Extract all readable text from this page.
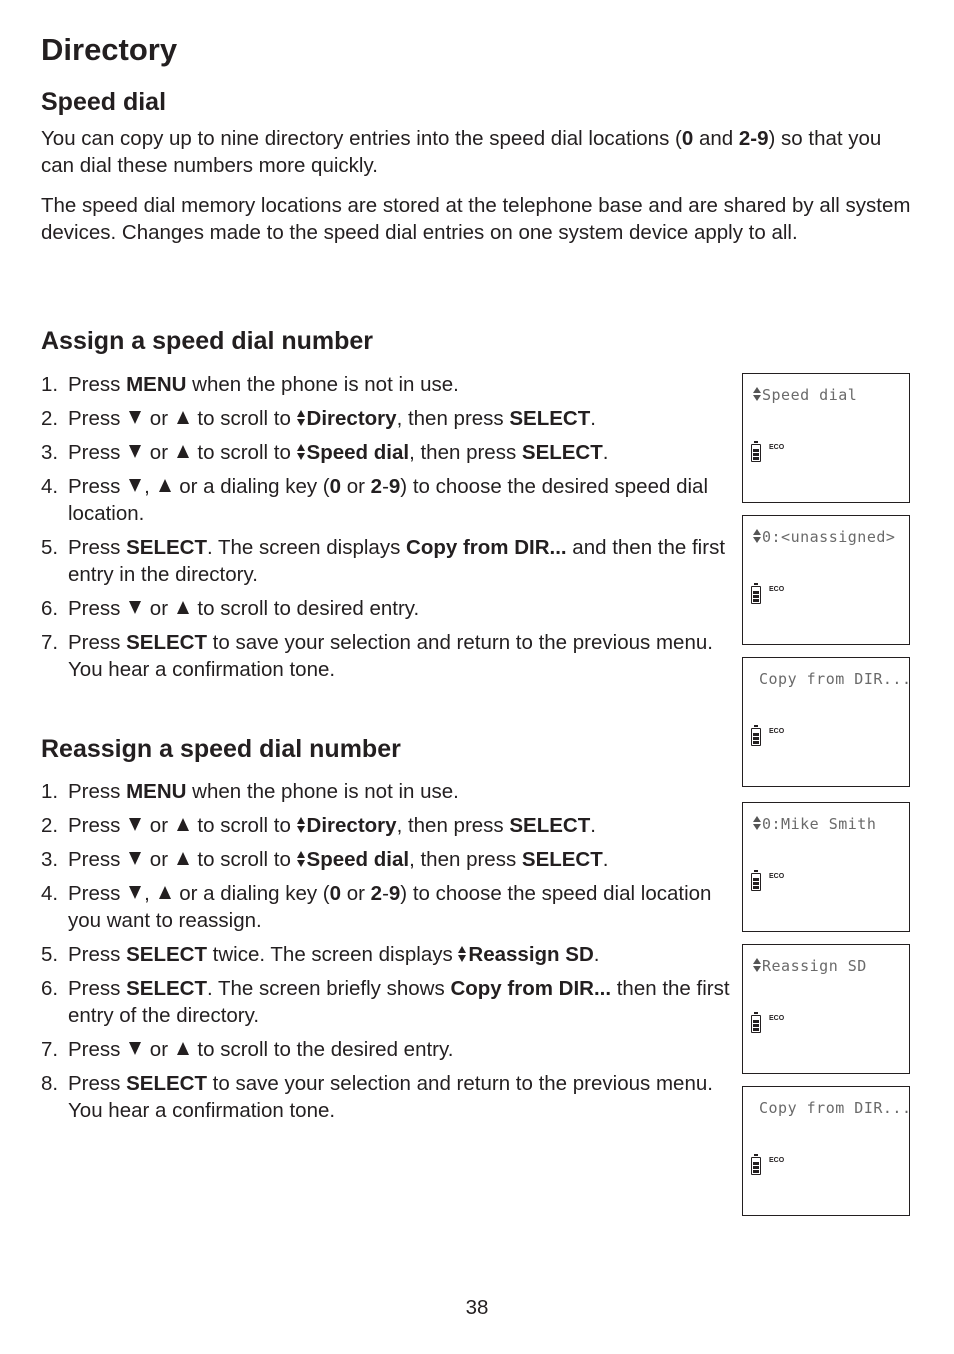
Directory
Speed dial

You can copy up to nine directory entries into the speed dial locations (0 and 2-9) so that you can dial these numbers more quickly.

The speed dial memory locations are stored at the telephone base and are shared by all system devices. Changes made to the speed dial entries on one system device apply to all.

Assign a speed dial number
1. Press MENU when the phone is not in use.
2. Press  or  to scroll to
Directory, then press SELECT.
3. Press  or  to scroll to
Speed dial, then press SELECT.
4. Press ,  or a dialing key (0 or 2-9) to choose the desired speed dial location.
5. Press SELECT. The screen displays Copy from DIR... and then the first entry in the directory.
6. Press  or  to scroll to desired entry.
7. Press SELECT to save your selection and return to the previous menu. You hear a confirmation tone.
Reassign a speed dial number
1. Press MENU when the phone is not in use.
2. Press  or  to scroll to
Directory, then press SELECT.
3. Press  or  to scroll to
Speed dial, then press SELECT.
4. Press ,  or a dialing key (0 or 2-9) to choose the speed dial location you want to reassign.
5. Press SELECT twice. The screen displays
Reassign SD.
6. Press SELECT. The screen briefly shows Copy from DIR... then the first entry of the directory.
7. Press  or  to scroll to the desired entry.
8. Press SELECT to save your selection and return to the previous menu. You hear a confirmation tone.
Speed dial
ECO
0:<unassigned>
ECO
Copy from DIR...
ECO
0:Mike Smith
ECO
Reassign SD
ECO
Copy from DIR...
ECO
38
